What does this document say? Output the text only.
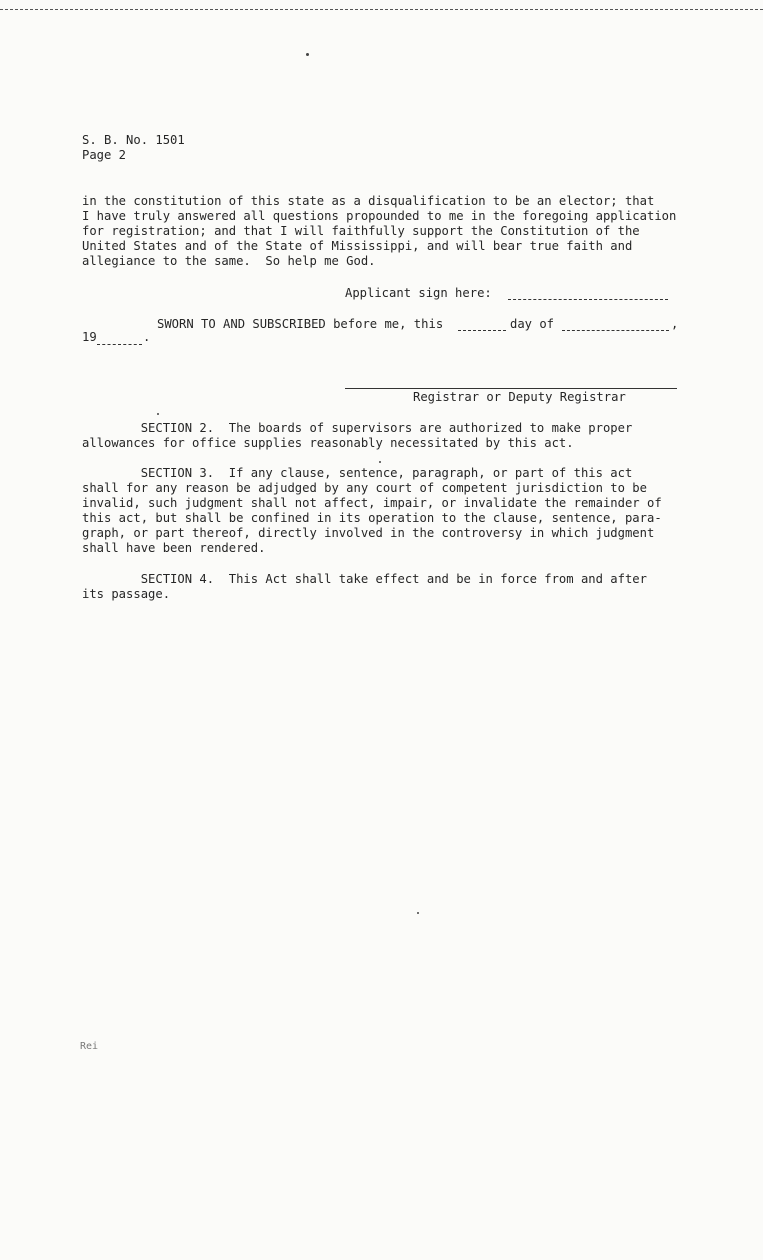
S. B. No. 1501
Page 2
in the constitution of this state as a disqualification to be an elector; that
I have truly answered all questions propounded to me in the foregoing application
for registration; and that I will faithfully support the Constitution of the
United States and of the State of Mississippi, and will bear true faith and
allegiance to the same.  So help me God.
Applicant sign here:
SWORN TO AND SUBSCRIBED before me, this	day of	,
19	.
Registrar or Deputy Registrar
SECTION 2.  The boards of supervisors are authorized to make proper
allowances for office supplies reasonably necessitated by this act.
SECTION 3.  If any clause, sentence, paragraph, or part of this act
shall for any reason be adjudged by any court of competent jurisdiction to be
invalid, such judgment shall not affect, impair, or invalidate the remainder of
this act, but shall be confined in its operation to the clause, sentence, para-
graph, or part thereof, directly involved in the controversy in which judgment
shall have been rendered.
SECTION 4.  This Act shall take effect and be in force from and after
its passage.
Rei
